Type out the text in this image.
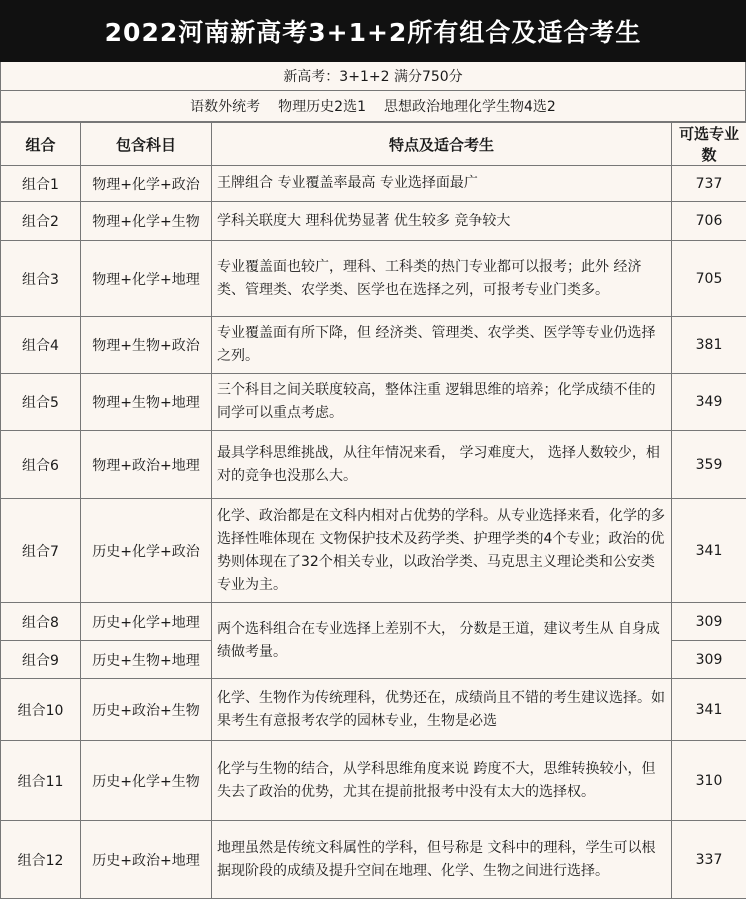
2022河南新高考3+1+2所有组合及适合考生
新高考：3+1+2 满分750分
语数外统考 物理历史2选1 思想政治地理化学生物4选2
组合	包含科目	特点及适合考生	可选专业数
组合1	物理+化学+政治	王牌组合 专业覆盖率最高 专业选择面最广	737
组合2	物理+化学+生物	学科关联度大 理科优势显著 优生较多 竞争较大	706
组合3	物理+化学+地理	专业覆盖面也较广，理科、工科类的热门专业都可以报考；此外 经济类、管理类、农学类、医学也在选择之列，可报考专业门类多。	705
组合4	物理+生物+政治	专业覆盖面有所下降，但 经济类、管理类、农学类、医学等专业仍选择之列。	381
组合5	物理+生物+地理	三个科目之间关联度较高，整体注重 逻辑思维的培养；化学成绩不佳的同学可以重点考虑。	349
组合6	物理+政治+地理	最具学科思维挑战，从往年情况来看， 学习难度大， 选择人数较少，相对的竞争也没那么大。	359
组合7	历史+化学+政治	化学、政治都是在文科内相对占优势的学科。从专业选择来看，化学的多选择性唯体现在 文物保护技术及药学类、护理学类的4个专业；政治的优势则体现在了32个相关专业，以政治学类、马克思主义理论类和公安类专业为主。	341
组合8	历史+化学+地理	两个选科组合在专业选择上差别不大， 分数是王道，建议考生从 自身成绩做考量。	309
组合9	历史+生物+地理		309
组合10	历史+政治+生物	化学、生物作为传统理科，优势还在，成绩尚且不错的考生建议选择。如果考生有意报考农学的园林专业，生物是必选	341
组合11	历史+化学+生物	化学与生物的结合，从学科思维角度来说 跨度不大，思维转换较小，但失去了政治的优势，尤其在提前批报考中没有太大的选择权。	310
组合12	历史+政治+地理	地理虽然是传统文科属性的学科，但号称是 文科中的理科，学生可以根据现阶段的成绩及提升空间在地理、化学、生物之间进行选择。	337
